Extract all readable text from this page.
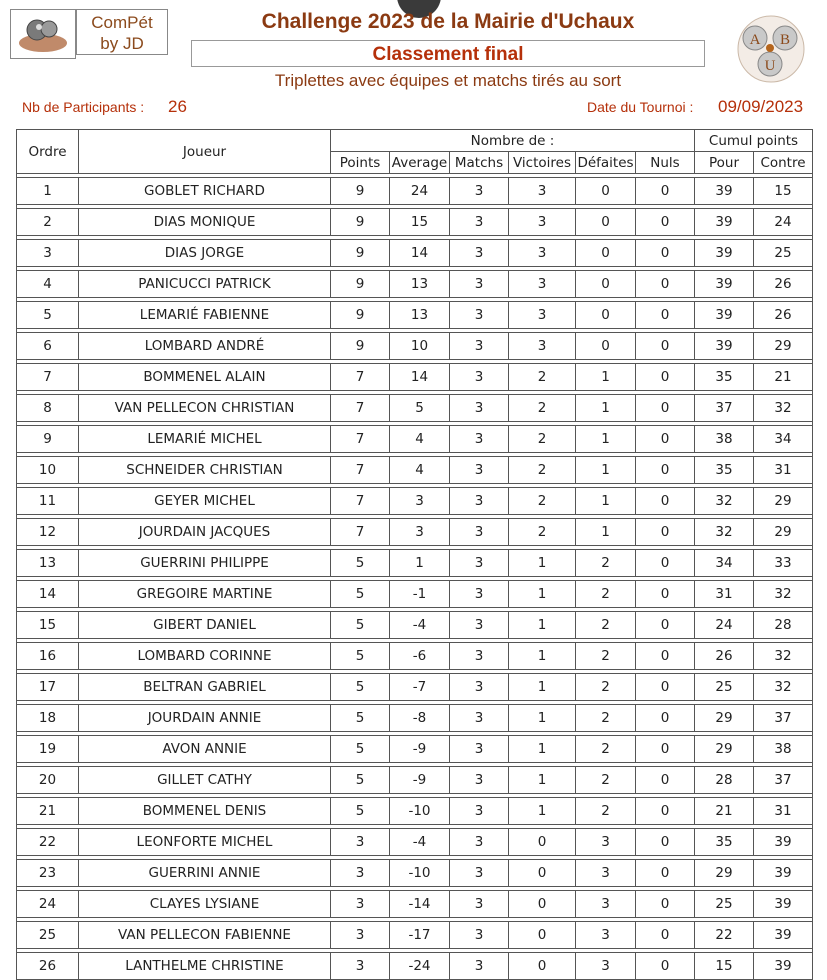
ComPét
by JD
Challenge 2023 de la Mairie d'Uchaux
Classement final
Triplettes avec équipes et matchs tirés au sort
A B
U
Nb de Participants : 26	Date du Tournoi : 09/09/2023
Ordre	Joueur	Nombre de :						Cumul points	
		Points	Average	Matchs	Victoires	Défaites	Nuls	Pour	Contre

1	GOBLET RICHARD	9	24	3	3	0	0	39	15

2	DIAS MONIQUE	9	15	3	3	0	0	39	24

3	DIAS JORGE	9	14	3	3	0	0	39	25

4	PANICUCCI PATRICK	9	13	3	3	0	0	39	26

5	LEMARIÉ FABIENNE	9	13	3	3	0	0	39	26

6	LOMBARD ANDRÉ	9	10	3	3	0	0	39	29

7	BOMMENEL ALAIN	7	14	3	2	1	0	35	21

8	VAN PELLECON CHRISTIAN	7	5	3	2	1	0	37	32

9	LEMARIÉ MICHEL	7	4	3	2	1	0	38	34

10	SCHNEIDER CHRISTIAN	7	4	3	2	1	0	35	31

11	GEYER MICHEL	7	3	3	2	1	0	32	29

12	JOURDAIN JACQUES	7	3	3	2	1	0	32	29

13	GUERRINI PHILIPPE	5	1	3	1	2	0	34	33

14	GREGOIRE MARTINE	5	-1	3	1	2	0	31	32

15	GIBERT DANIEL	5	-4	3	1	2	0	24	28

16	LOMBARD CORINNE	5	-6	3	1	2	0	26	32

17	BELTRAN GABRIEL	5	-7	3	1	2	0	25	32

18	JOURDAIN ANNIE	5	-8	3	1	2	0	29	37

19	AVON ANNIE	5	-9	3	1	2	0	29	38

20	GILLET CATHY	5	-9	3	1	2	0	28	37

21	BOMMENEL DENIS	5	-10	3	1	2	0	21	31

22	LEONFORTE MICHEL	3	-4	3	0	3	0	35	39

23	GUERRINI ANNIE	3	-10	3	0	3	0	29	39

24	CLAYES LYSIANE	3	-14	3	0	3	0	25	39

25	VAN PELLECON FABIENNE	3	-17	3	0	3	0	22	39

26	LANTHELME CHRISTINE	3	-24	3	0	3	0	15	39
